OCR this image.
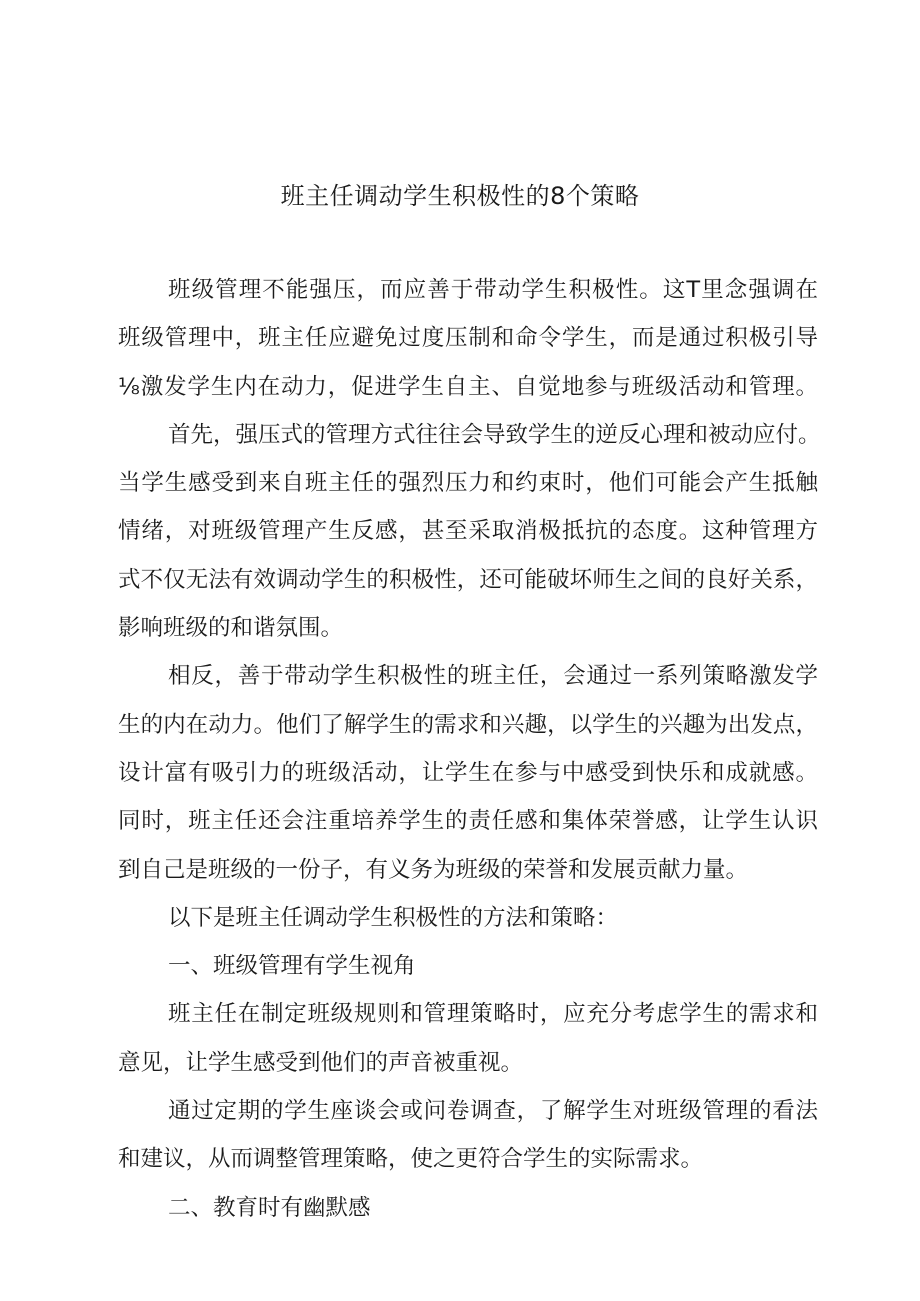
班主任调动学生积极性的8个策略
班级管理不能强压，而应善于带动学生积极性。这T里念强调在
班级管理中，班主任应避免过度压制和命令学生，而是通过积极引导
⅛激发学生内在动力，促进学生自主、自觉地参与班级活动和管理。
首先，强压式的管理方式往往会导致学生的逆反心理和被动应付。
当学生感受到来自班主任的强烈压力和约束时，他们可能会产生抵触
情绪，对班级管理产生反感，甚至采取消极抵抗的态度。这种管理方
式不仅无法有效调动学生的积极性，还可能破坏师生之间的良好关系，
影响班级的和谐氛围。
相反，善于带动学生积极性的班主任，会通过一系列策略激发学
生的内在动力。他们了解学生的需求和兴趣，以学生的兴趣为出发点，
设计富有吸引力的班级活动，让学生在参与中感受到快乐和成就感。
同时，班主任还会注重培养学生的责任感和集体荣誉感，让学生认识
到自己是班级的一份子，有义务为班级的荣誉和发展贡献力量。
以下是班主任调动学生积极性的方法和策略：
一、班级管理有学生视角
班主任在制定班级规则和管理策略时，应充分考虑学生的需求和
意见，让学生感受到他们的声音被重视。
通过定期的学生座谈会或问卷调查，了解学生对班级管理的看法
和建议，从而调整管理策略，使之更符合学生的实际需求。
二、教育时有幽默感
